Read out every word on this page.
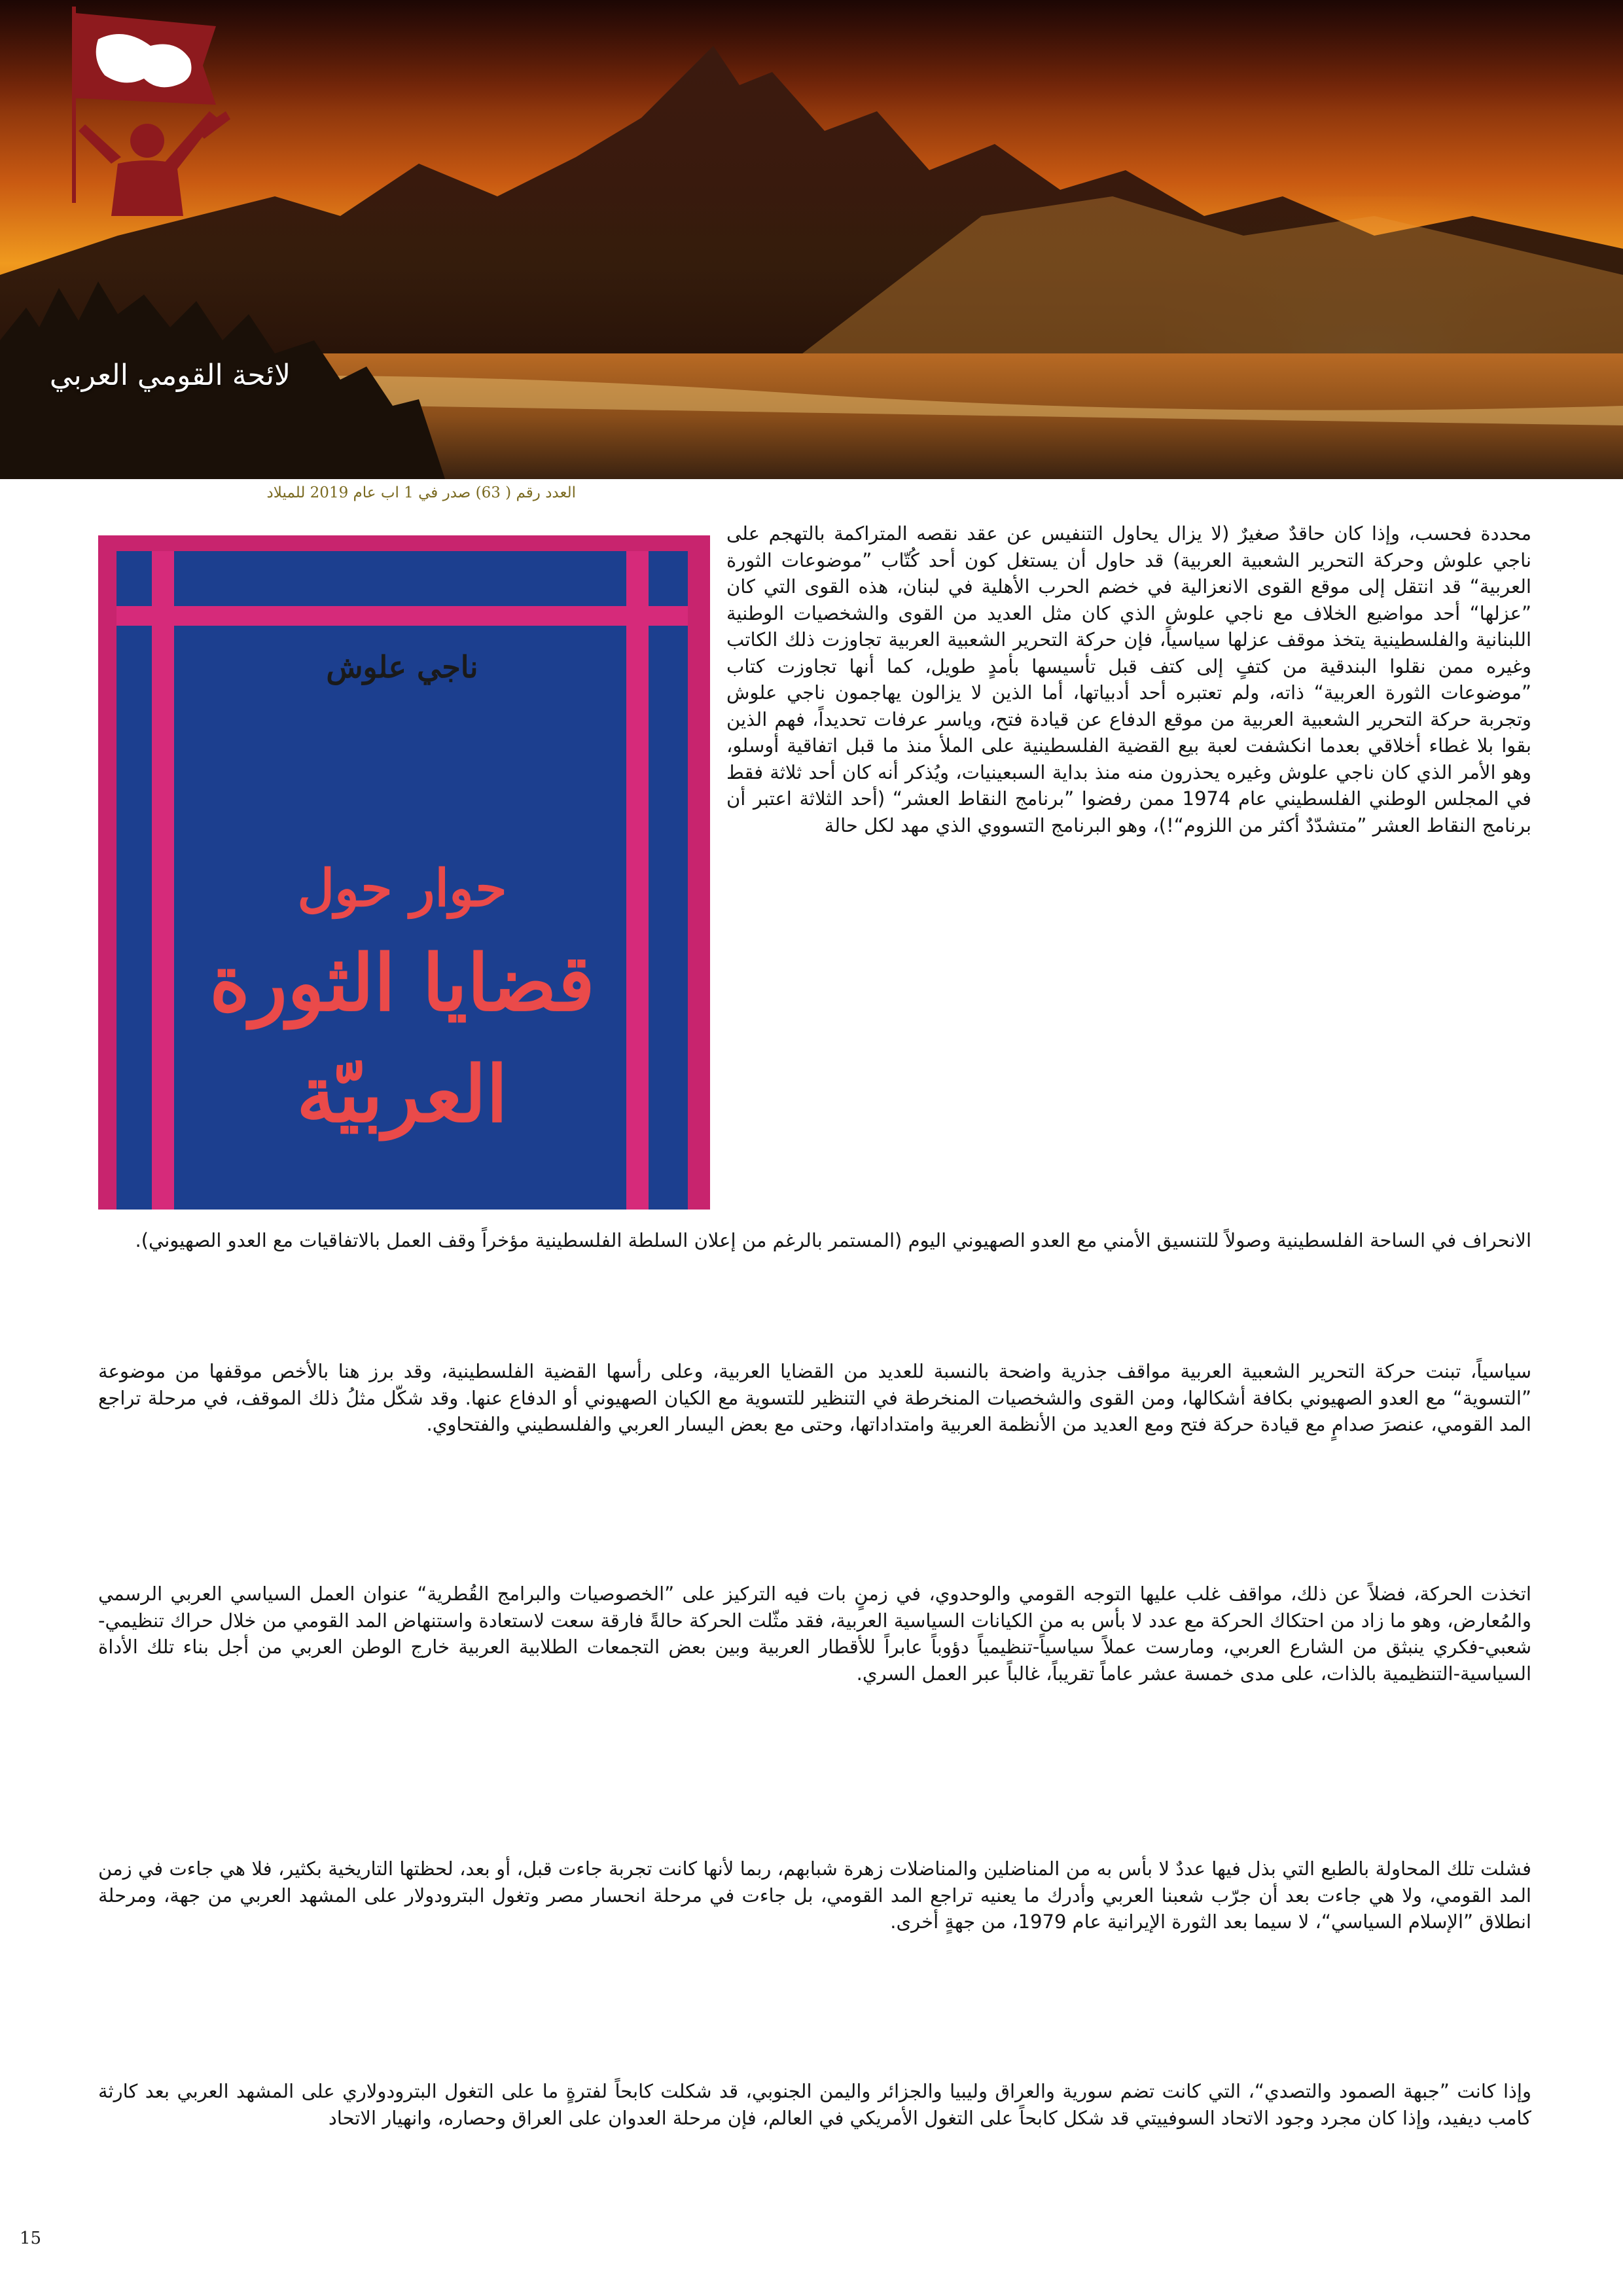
لائحة القومي العربي
العدد رقم ( 63) صدر في 1 اب عام 2019 للميلاد
ناجي علوش
حوار حول
قضايا الثورة
العربيّة

محددة فحسب، وإذا كان حاقدٌ صغيرٌ (لا يزال يحاول التنفيس عن عقد نقصه المتراكمة بالتهجم على ناجي علوش وحركة التحرير الشعبية العربية) قد حاول أن يستغل كون أحد كُتّاب ”موضوعات الثورة العربية“ قد انتقل إلى موقع القوى الانعزالية في خضم الحرب الأهلية في لبنان، هذه القوى التي كان ”عزلها“ أحد مواضيع الخلاف مع ناجي علوش الذي كان مثل العديد من القوى والشخصيات الوطنية اللبنانية والفلسطينية يتخذ موقف عزلها سياسياً، فإن حركة التحرير الشعبية العربية تجاوزت ذلك الكاتب وغيره ممن نقلوا البندقية من كتفٍ إلى كتف قبل تأسيسها بأمدٍ طويل، كما أنها تجاوزت كتاب ”موضوعات الثورة العربية“ ذاته، ولم تعتبره أحد أدبياتها، أما الذين لا يزالون يهاجمون ناجي علوش وتجربة حركة التحرير الشعبية العربية من موقع الدفاع عن قيادة فتح، وياسر عرفات تحديداً، فهم الذين بقوا بلا غطاء أخلاقي بعدما انكشفت لعبة بيع القضية الفلسطينية على الملأ منذ ما قبل اتفاقية أوسلو، وهو الأمر الذي كان ناجي علوش وغيره يحذرون منه منذ بداية السبعينيات، ويُذكر أنه كان أحد ثلاثة فقط في المجلس الوطني الفلسطيني عام 1974 ممن رفضوا ”برنامج النقاط العشر“ (أحد الثلاثة اعتبر أن برنامج النقاط العشر ”متشدّدٌ أكثر من اللزوم“!)، وهو البرنامج التسووي الذي مهد لكل حالة

الانحراف في الساحة الفلسطينية وصولاً للتنسيق الأمني مع العدو الصهيوني اليوم (المستمر بالرغم من إعلان السلطة الفلسطينية مؤخراً وقف العمل بالاتفاقيات مع العدو الصهيوني).

سياسياً، تبنت حركة التحرير الشعبية العربية مواقف جذرية واضحة بالنسبة للعديد من القضايا العربية، وعلى رأسها القضية الفلسطينية، وقد برز هنا بالأخص موقفها من موضوعة ”التسوية“ مع العدو الصهيوني بكافة أشكالها، ومن القوى والشخصيات المنخرطة في التنظير للتسوية مع الكيان الصهيوني أو الدفاع عنها. وقد شكّل مثلُ ذلك الموقف، في مرحلة تراجع المد القومي، عنصرَ صدامٍ مع قيادة حركة فتح ومع العديد من الأنظمة العربية وامتداداتها، وحتى مع بعض اليسار العربي والفلسطيني والفتحاوي.

اتخذت الحركة، فضلاً عن ذلك، مواقف غلب عليها التوجه القومي والوحدوي، في زمنٍ بات فيه التركيز على ”الخصوصيات والبرامج القُطرية“ عنوان العمل السياسي العربي الرسمي والمُعارض، وهو ما زاد من احتكاك الحركة مع عدد لا بأس به من الكيانات السياسية العربية، فقد مثّلت الحركة حالةً فارقة سعت لاستعادة واستنهاض المد القومي من خلال حراك تنظيمي-شعبي-فكري ينبثق من الشارع العربي، ومارست عملاً سياسياً-تنظيمياً دؤوباً عابراً للأقطار العربية وبين بعض التجمعات الطلابية العربية خارج الوطن العربي من أجل بناء تلك الأداة السياسية-التنظيمية بالذات، على مدى خمسة عشر عاماً تقريباً، غالباً عبر العمل السري.

فشلت تلك المحاولة بالطبع التي بذل فيها عددٌ لا بأس به من المناضلين والمناضلات زهرة شبابهم، ربما لأنها كانت تجربة جاءت قبل، أو بعد، لحظتها التاريخية بكثير، فلا هي جاءت في زمن المد القومي، ولا هي جاءت بعد أن جرّب شعبنا العربي وأدرك ما يعنيه تراجع المد القومي، بل جاءت في مرحلة انحسار مصر وتغول البترودولار على المشهد العربي من جهة، ومرحلة انطلاق ”الإسلام السياسي“، لا سيما بعد الثورة الإيرانية عام 1979، من جهةٍ أخرى.

وإذا كانت ”جبهة الصمود والتصدي“، التي كانت تضم سورية والعراق وليبيا والجزائر واليمن الجنوبي، قد شكلت كابحاً لفترةٍ ما على التغول البترودولاري على المشهد العربي بعد كارثة كامب ديفيد، وإذا كان مجرد وجود الاتحاد السوفييتي قد شكل كابحاً على التغول الأمريكي في العالم، فإن مرحلة العدوان على العراق وحصاره، وانهيار الاتحاد

15
